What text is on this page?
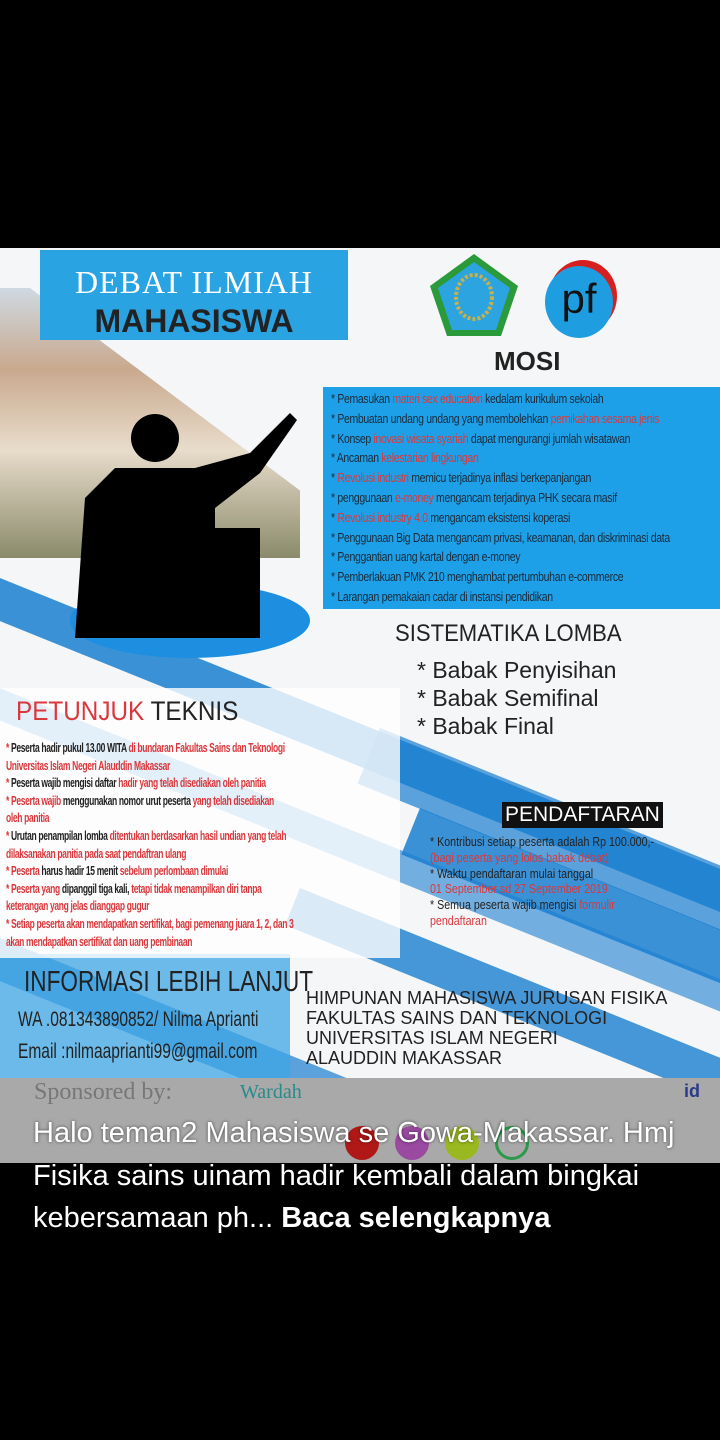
DEBAT ILMIAH
MAHASISWA	pf
MOSI
* Pemasukan materi sex education kedalam kurikulum sekolah
* Pembuatan undang undang yang membolehkan pernikahan sesama jenis
* Konsep inovasi wisata syariah dapat mengurangi jumlah wisatawan
* Ancaman kelestarian lingkungan
* Revolusi industri memicu terjadinya inflasi berkepanjangan
* penggunaan e-money mengancam terjadinya PHK secara masif
* Revolusi industry 4.0 mengancam eksistensi koperasi
* Penggunaan Big Data mengancam privasi, keamanan, dan diskriminasi data
* Penggantian uang kartal dengan e-money
* Pemberlakuan PMK 210 menghambat pertumbuhan e-commerce
* Larangan pemakaian cadar di instansi pendidikan
SISTEMATIKA LOMBA
* Babak Penyisihan
* Babak Semifinal
* Babak Final
PETUNJUK TEKNIS
* Peserta hadir pukul 13.00 WITA di bundaran Fakultas Sains dan Teknologi
Universitas Islam Negeri Alauddin Makassar
* Peserta wajib mengisi daftar hadir yang telah disediakan oleh panitia
* Peserta wajib menggunakan nomor urut peserta yang telah disediakan
oleh panitia
* Urutan penampilan lomba ditentukan berdasarkan hasil undian yang telah
dilaksanakan panitia pada saat pendaftran ulang
* Peserta harus hadir 15 menit sebelum perlombaan dimulai
* Peserta yang dipanggil tiga kali, tetapi tidak menampilkan diri tanpa
keterangan yang jelas dianggap gugur
* Setiap peserta akan mendapatkan sertifikat, bagi pemenang juara 1, 2, dan 3
akan mendapatkan sertifikat dan uang pembinaan
PENDAFTARAN
* Kontribusi setiap peserta adalah Rp 100.000,-
(bagi peserta yang lolos babak debat)
* Waktu pendaftaran mulai tanggal
01 September sd 27 September 2019
* Semua peserta wajib mengisi formulir
pendaftaran
INFORMASI LEBIH LANJUT
WA .081343890852/ Nilma Aprianti
Email :nilmaaprianti99@gmail.com
HIMPUNAN MAHASISWA JURUSAN FISIKA
FAKULTAS SAINS DAN TEKNOLOGI
UNIVERSITAS ISLAM NEGERI
ALAUDDIN MAKASSAR
Sponsored by:	Wardah	id
Halo teman2 Mahasiswa se Gowa-Makassar. Hmj Fisika sains uinam hadir kembali dalam bingkai kebersamaan ph... Baca selengkapnya
